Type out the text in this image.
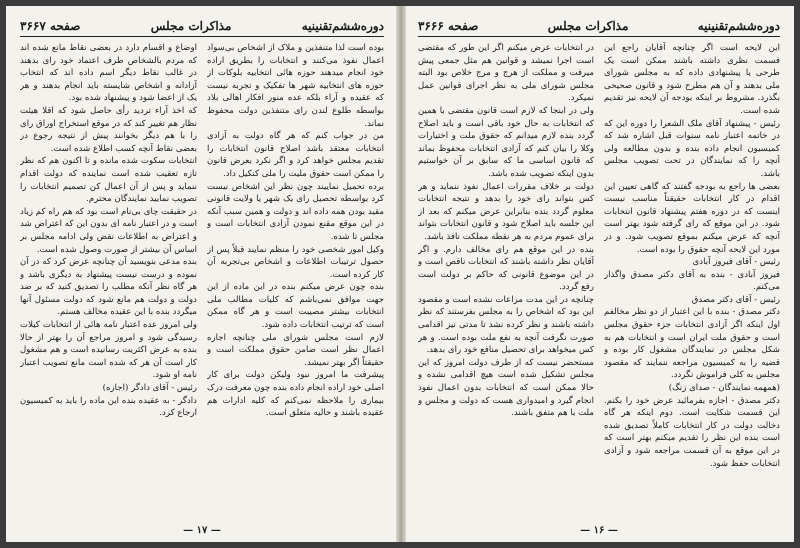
دوره‌ششم‌تقنینیه
مذاکرات مجلس
صفحه ۳۶۶۷

بوده است لذا متنفذین و ملاک از اشخاص بی‌سواد اعمال نفوذ می‌کنند و انتخابات را بطریق اراده خود انجام میدهند حوزه هائی انتخابیه بلوکات از حوزه های انتخابیه شهر ها تفکیک و تجربه نیست که عقیده و آراء بلکه عده منور افکار اهالی بلاد بواسطه طلوع لندن رای متنفذین دولت محفوظ نماند.

من در جواب کنم که هر گاه دولت به آزادی انتخابات معتقد باشد اصلاح قانون انتخابات را تقدیم مجلس خواهد کرد و اگر نکرد بعرض قانون را ممکن است حقوق ملیت را ملی کنکیل داد.

برده تحمیل نماییند چون نظر این اشخاص نیست کرد بواسطه تحصیل رای یک شهر یا ولایت قانونی مقید بودن همه داده اند و دولت و همین سبب آنکه در این موقع مقنع نمودن آزادی انتخابات است و مجلس تا شده.

وکیل امور شخصی خود را منظم نمایند قبلاً پس از حصول ترتیبات اطلاعات و اشخاص بی‌تجربه آن کار کرده است.

بنده چون عرض میکنم بنده در این ماده از این جهت موافق نمی‌باشم که کلیات مطالب ملی انتخابات بیشتر مصیبت است و هر گاه ممکن است که ترتیب انتخابات داده شود.

لازم است مجلس شورای ملی چنانچه اجازه اعمال نظر است ضامن حقوق مملکت است و حقیقتاً اگر بهتر نمیشد.

پیشرفت ما امروز نبود ولیکن دولت برای کار اصلی خود اراده انجام داده بنده چون معرفت درک بیماری را ملاحظه نمی‌کنم که کلیه ادارات هم عقیده باشند و حالیه متعلق است.

اوضاع و اقسام دارد در بعضی نقاط مانع شده اند که مردم بالشخاص طرف اعتماد خود رای بدهند در غالب نقاط دیگر اسم داده اند که انتخاب آزادانه و اشخاص شایسته باید انجام بدهند و هر یک از اعضا شود و پیشنهاد شده بود.

که اخذ آراء تردید رأی حاصل شود که اقلا هیئت نظار هم تغییر کند که در موقع استخراج اوراق رای را با هم دیگر بخوانند پیش از نتیجه رجوع در بعضی نقاط آنچه کسب اطلاع شده است.

انتخابات سکوت شده مانده و تا اکنون هم که نظر تازه تعقیب شده است نماینده که دولت اقدام ننماید و پس از آن اعمال کن تصمیم انتخابات را تصویب نمایید نمایندگان محترم.

در حقیقت چای بی‌نام است بود که هم راه کم زیاد است و در اعتبار نامه ای بدون این که اعتراض شد و اعتراض به اطلاعات نقض ولی ادامه مجلس بر اساس آن بیشتر از صورت وصول شده است.

بنده مدعی بنویسید آن چنانچه عرض کرد که در آن نموده و درست نیست پیشنهاد به دیگری باشد و هر گاه نظر آنکه مطلب را تصدیق کنید که بر ضد دولت و دولت هم مانع شود که دولت مسئول آنها میگردد بنده با این عقیده مخالف هستم.

ولی امروز عده اعتبار نامه هائی از انتخابات کیلات رسیدگی شود و امروز مراجع آن را بهتر از حالا بنده به عرض اکثریت رسانیده است و هم مشغول کار است آن هر که شده است مانع تصویب اعتبار نامه او شود.

رئیس - آقای دادگر (اجازه)

دادگر - به عقیده بنده این ماده را باید به کمیسیون ارجاع کرد.

— ۱۷ —
دوره‌ششم‌تقنینیه
مذاکرات مجلس
صفحه ۳۶۶۶

این لایحه است اگر چنانچه آقایان راجع این قسمت نظری داشته باشند ممکن است یک طرحی یا پیشنهادی داده که به مجلس شورای ملی بدهند و آن هم مطرح شود و قانون صحیحی بگذرد. مشروط بر اینکه بودجه آن لایحه نیز تقدیم شده است.

رئیس - پیشنهاد آقای ملک الشعرا را دوره این که در خاتمه اعتبار نامه سنوات قبل اشاره شد که کمیسیون انجام داده بنده و بدون مطالعه ولی آنچه را که نمایندگان در تحت تصویب مجلس باشد.

بعضی ها راجع به بودجه گفتند که گاهی تعیین این اقدام در کار انتخابات حقیقتاً مناسب نیست اینست که در دوره هفتم پیشنهاد قانون انتخابات شود. در این موقع که رای گرفته شود بهتر است آنچه که عرض میکنم بموقع تصویب شود. و در مورد این لایحه آنچه حقوق را بوده است.

رئیس - آقای فیروز آبادی

فیروز آبادی - بنده به آقای دکتر مصدق واگذار می‌کنم.

رئیس - آقای دکتر مصدق

دکتر مصدق - بنده با این اعتبار از دو نظر مخالفم اول اینکه اگر آزادی انتخابات جزء حقوق مجلس است و حقوق ملت ایران است و انتخابات هم به شکل مجلس در نمایندگان مشغول کار بوده و قضیه را به کمیسیون مراجعه ننمایند که مقصود مجلس به کلی فراموش نگردد.

(همهمه نمایندگان - صدای زنگ)

دکتر مصدق - اجازه بفرمائید عرض خود را بکنم. این قسمت شکایت است. دوم اینکه هر گاه دخالت دولت در کار انتخابات کاملاً تصدیق شده است بنده این نظر را تقدیم میکنم بهتر است که در این موقع به آن قسمت مراجعه شود و آزادی انتخابات حفظ شود.

در انتخابات عرض میکنم اگر این طور که مقتضی است اجرا نمیشد و قوانین هم مثل جمعی پیش میرفت و مملکت از هرج و مرج خلاص بود البته مجلس شورای ملی به نظر اجرای قوانین عمل نمیکرد.

ولی در اینجا که لازم است قانون مقتضی با همین که انتخابات به حال خود باقی است و باید اصلاح گردد بنده لازم میدانم که حقوق ملت و اختیارات وکلا را بیان کنم که آزادی انتخابات محفوظ بماند که قانون اساسی ما که سابق بر آن خواستیم بدون اینکه تصویب شده باشد.

دولت بر خلاف مقررات اعمال نفوذ ننماید و هر کس بتواند رای خود را بدهد و نتیجه انتخابات معلوم گردد بنده بنابراین عرض میکنم که بعد از این جلسه باید اصلاح شود و قانون انتخابات بتواند برای عموم مردم به هر نقطه مملکت نافذ باشد.

بنده در این موقع هم رای مخالف دارم. و اگر آقایان نظر داشته باشند که انتخابات ناقص است و در این موضوع قانونی که حاکم بر دولت است رفع گردد.

چنانچه در این مدت مراعات نشده است و مقصود این بود که اشخاص را به مجلس بفرستند که نظر داشته باشند و نظر کرده نشد تا مدتی نیز اقدامی صورت نگرفت آنچه به نفع ملت بوده است. و هر کس میخواهد برای تحصیل منافع خود رای بدهد.

مستحضر نیست که از طرف دولت امروز که این مجلس تشکیل شده است هیچ اقدامی نشده و حالا ممکن است که انتخابات بدون اعمال نفوذ انجام گیرد و امیدواری هست که دولت و مجلس و ملت با هم متفق باشند.

— ۱۶ —
